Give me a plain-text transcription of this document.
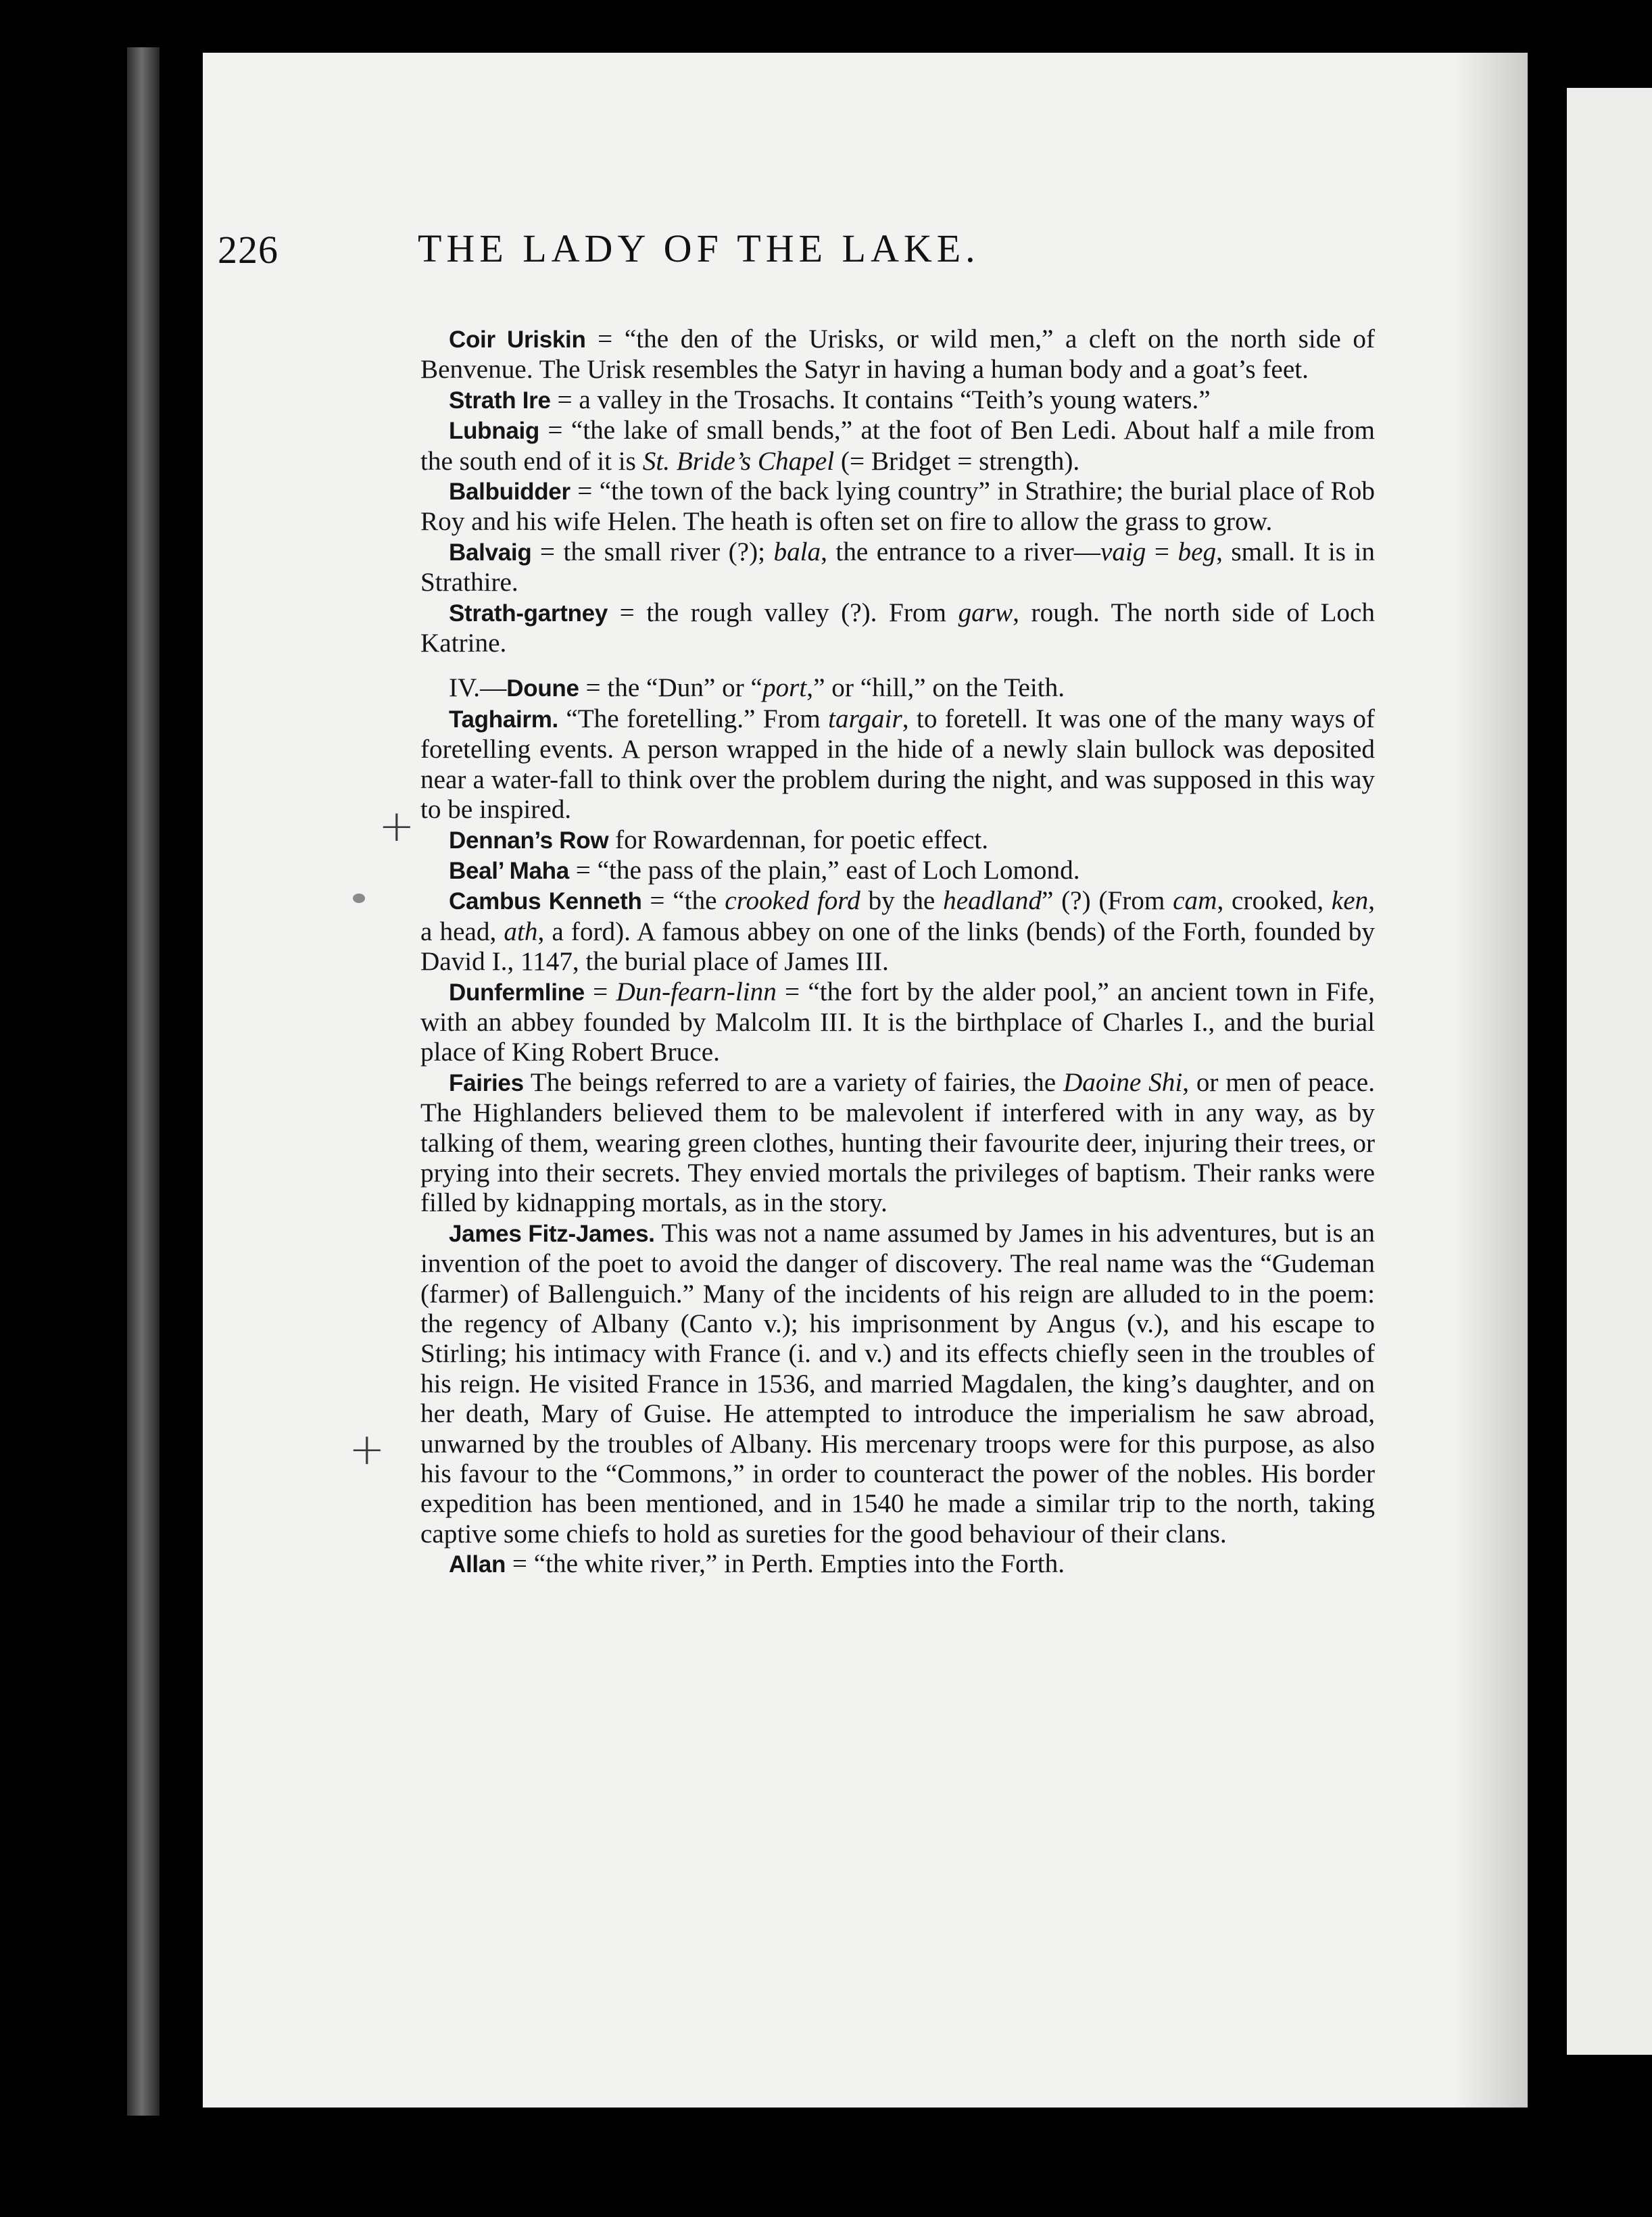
226	THE LADY OF THE LAKE.
+
+

Coir Uriskin = “the den of the Urisks, or wild men,” a cleft on the north side of Benvenue. The Urisk resembles the Satyr in having a human body and a goat’s feet.

Strath Ire = a valley in the Trosachs. It contains “Teith’s young waters.”

Lubnaig = “the lake of small bends,” at the foot of Ben Ledi. About half a mile from the south end of it is St. Bride’s Chapel (= Bridget = strength).

Balbuidder = “the town of the back lying country” in Strathire; the burial place of Rob Roy and his wife Helen. The heath is often set on fire to allow the grass to grow.

Balvaig = the small river (?); bala, the entrance to a river—vaig = beg, small. It is in Strathire.

Strath-gartney = the rough valley (?). From garw, rough. The north side of Loch Katrine.

IV.—Doune = the “Dun” or “port,” or “hill,” on the Teith.

Taghairm. “The foretelling.” From targair, to foretell. It was one of the many ways of foretelling events. A person wrapped in the hide of a newly slain bullock was deposited near a water-fall to think over the problem during the night, and was supposed in this way to be inspired.

Dennan’s Row for Rowardennan, for poetic effect.

Beal’ Maha = “the pass of the plain,” east of Loch Lomond.

Cambus Kenneth = “the crooked ford by the headland” (?) (From cam, crooked, ken, a head, ath, a ford). A famous abbey on one of the links (bends) of the Forth, founded by David I., 1147, the burial place of James III.

Dunfermline = Dun-fearn-linn = “the fort by the alder pool,” an ancient town in Fife, with an abbey founded by Malcolm III. It is the birthplace of Charles I., and the burial place of King Robert Bruce.

Fairies The beings referred to are a variety of fairies, the Daoine Shi, or men of peace. The Highlanders believed them to be malevolent if interfered with in any way, as by talking of them, wearing green clothes, hunting their favourite deer, injuring their trees, or prying into their secrets. They envied mortals the privileges of baptism. Their ranks were filled by kidnapping mortals, as in the story.

James Fitz-James. This was not a name assumed by James in his adventures, but is an invention of the poet to avoid the danger of discovery. The real name was the “Gudeman (farmer) of Ballenguich.” Many of the incidents of his reign are alluded to in the poem: the regency of Albany (Canto v.); his imprisonment by Angus (v.), and his escape to Stirling; his intimacy with France (i. and v.) and its effects chiefly seen in the troubles of his reign. He visited France in 1536, and married Magdalen, the king’s daughter, and on her death, Mary of Guise. He attempted to introduce the imperialism he saw abroad, unwarned by the troubles of Albany. His mercenary troops were for this purpose, as also his favour to the “Commons,” in order to counteract the power of the nobles. His border expedition has been mentioned, and in 1540 he made a similar trip to the north, taking captive some chiefs to hold as sureties for the good behaviour of their clans.

Allan = “the white river,” in Perth. Empties into the Forth.
